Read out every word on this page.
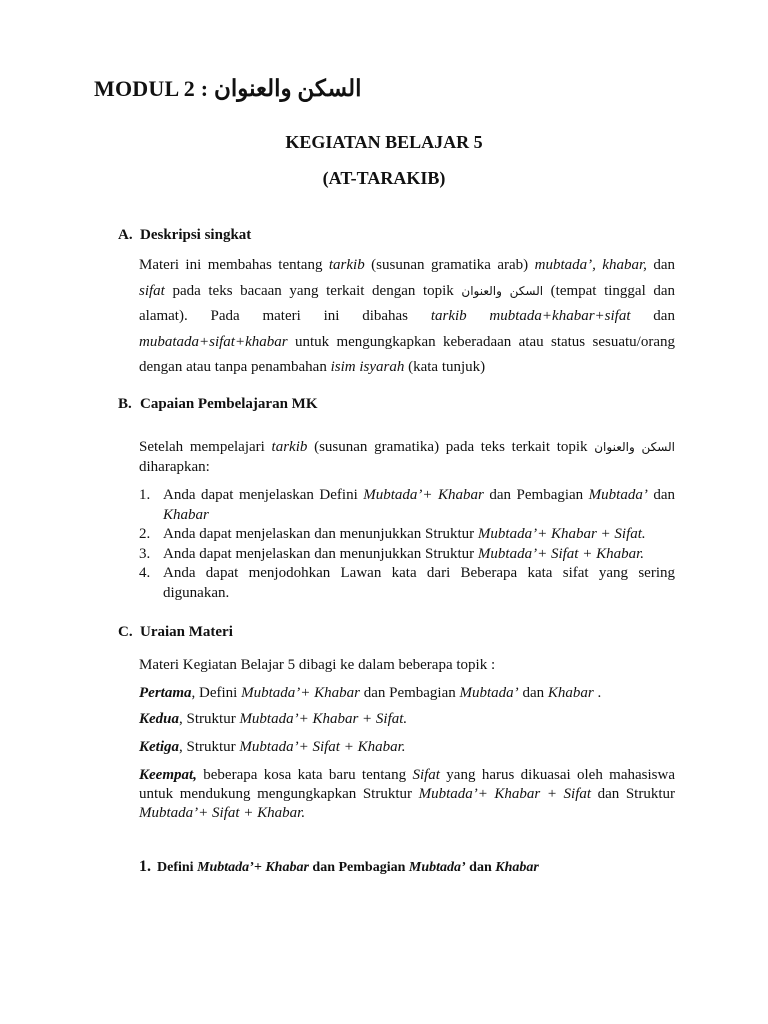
MODUL 2 : السكن والعنوان
KEGIATAN BELAJAR 5
(AT-TARAKIB)
A. Deskripsi singkat
Materi ini membahas tentang tarkib (susunan gramatika arab) mubtada’, khabar, dan
sifat pada teks bacaan yang terkait dengan topik السكن والعنوان (tempat tinggal dan
alamat). Pada materi ini dibahas tarkib mubtada+khabar+sifat dan
mubatada+sifat+khabar untuk mengungkapkan keberadaan atau status sesuatu/orang
dengan atau tanpa penambahan isim isyarah (kata tunjuk)
B. Capaian Pembelajaran MK
Setelah mempelajari tarkib (susunan gramatika) pada teks terkait topik السكن والعنوان
diharapkan:
1. Anda dapat menjelaskan Defini Mubtada’+ Khabar dan Pembagian Mubtada’ dan Khabar
2. Anda dapat menjelaskan dan menunjukkan Struktur Mubtada’+ Khabar + Sifat.
3. Anda dapat menjelaskan dan menunjukkan Struktur Mubtada’+ Sifat + Khabar.
4. Anda dapat menjodohkan Lawan kata dari Beberapa kata sifat yang sering digunakan.
C. Uraian Materi
Materi Kegiatan Belajar 5 dibagi ke dalam beberapa topik :
Pertama, Defini Mubtada’+ Khabar dan Pembagian Mubtada’ dan Khabar .
Kedua, Struktur Mubtada’+ Khabar + Sifat.
Ketiga, Struktur Mubtada’+ Sifat + Khabar.
Keempat, beberapa kosa kata baru tentang Sifat yang harus dikuasai oleh mahasiswa untuk mendukung mengungkapkan Struktur Mubtada’+ Khabar + Sifat dan Struktur Mubtada’+ Sifat + Khabar.
1. Defini Mubtada’+ Khabar dan Pembagian Mubtada’ dan Khabar
